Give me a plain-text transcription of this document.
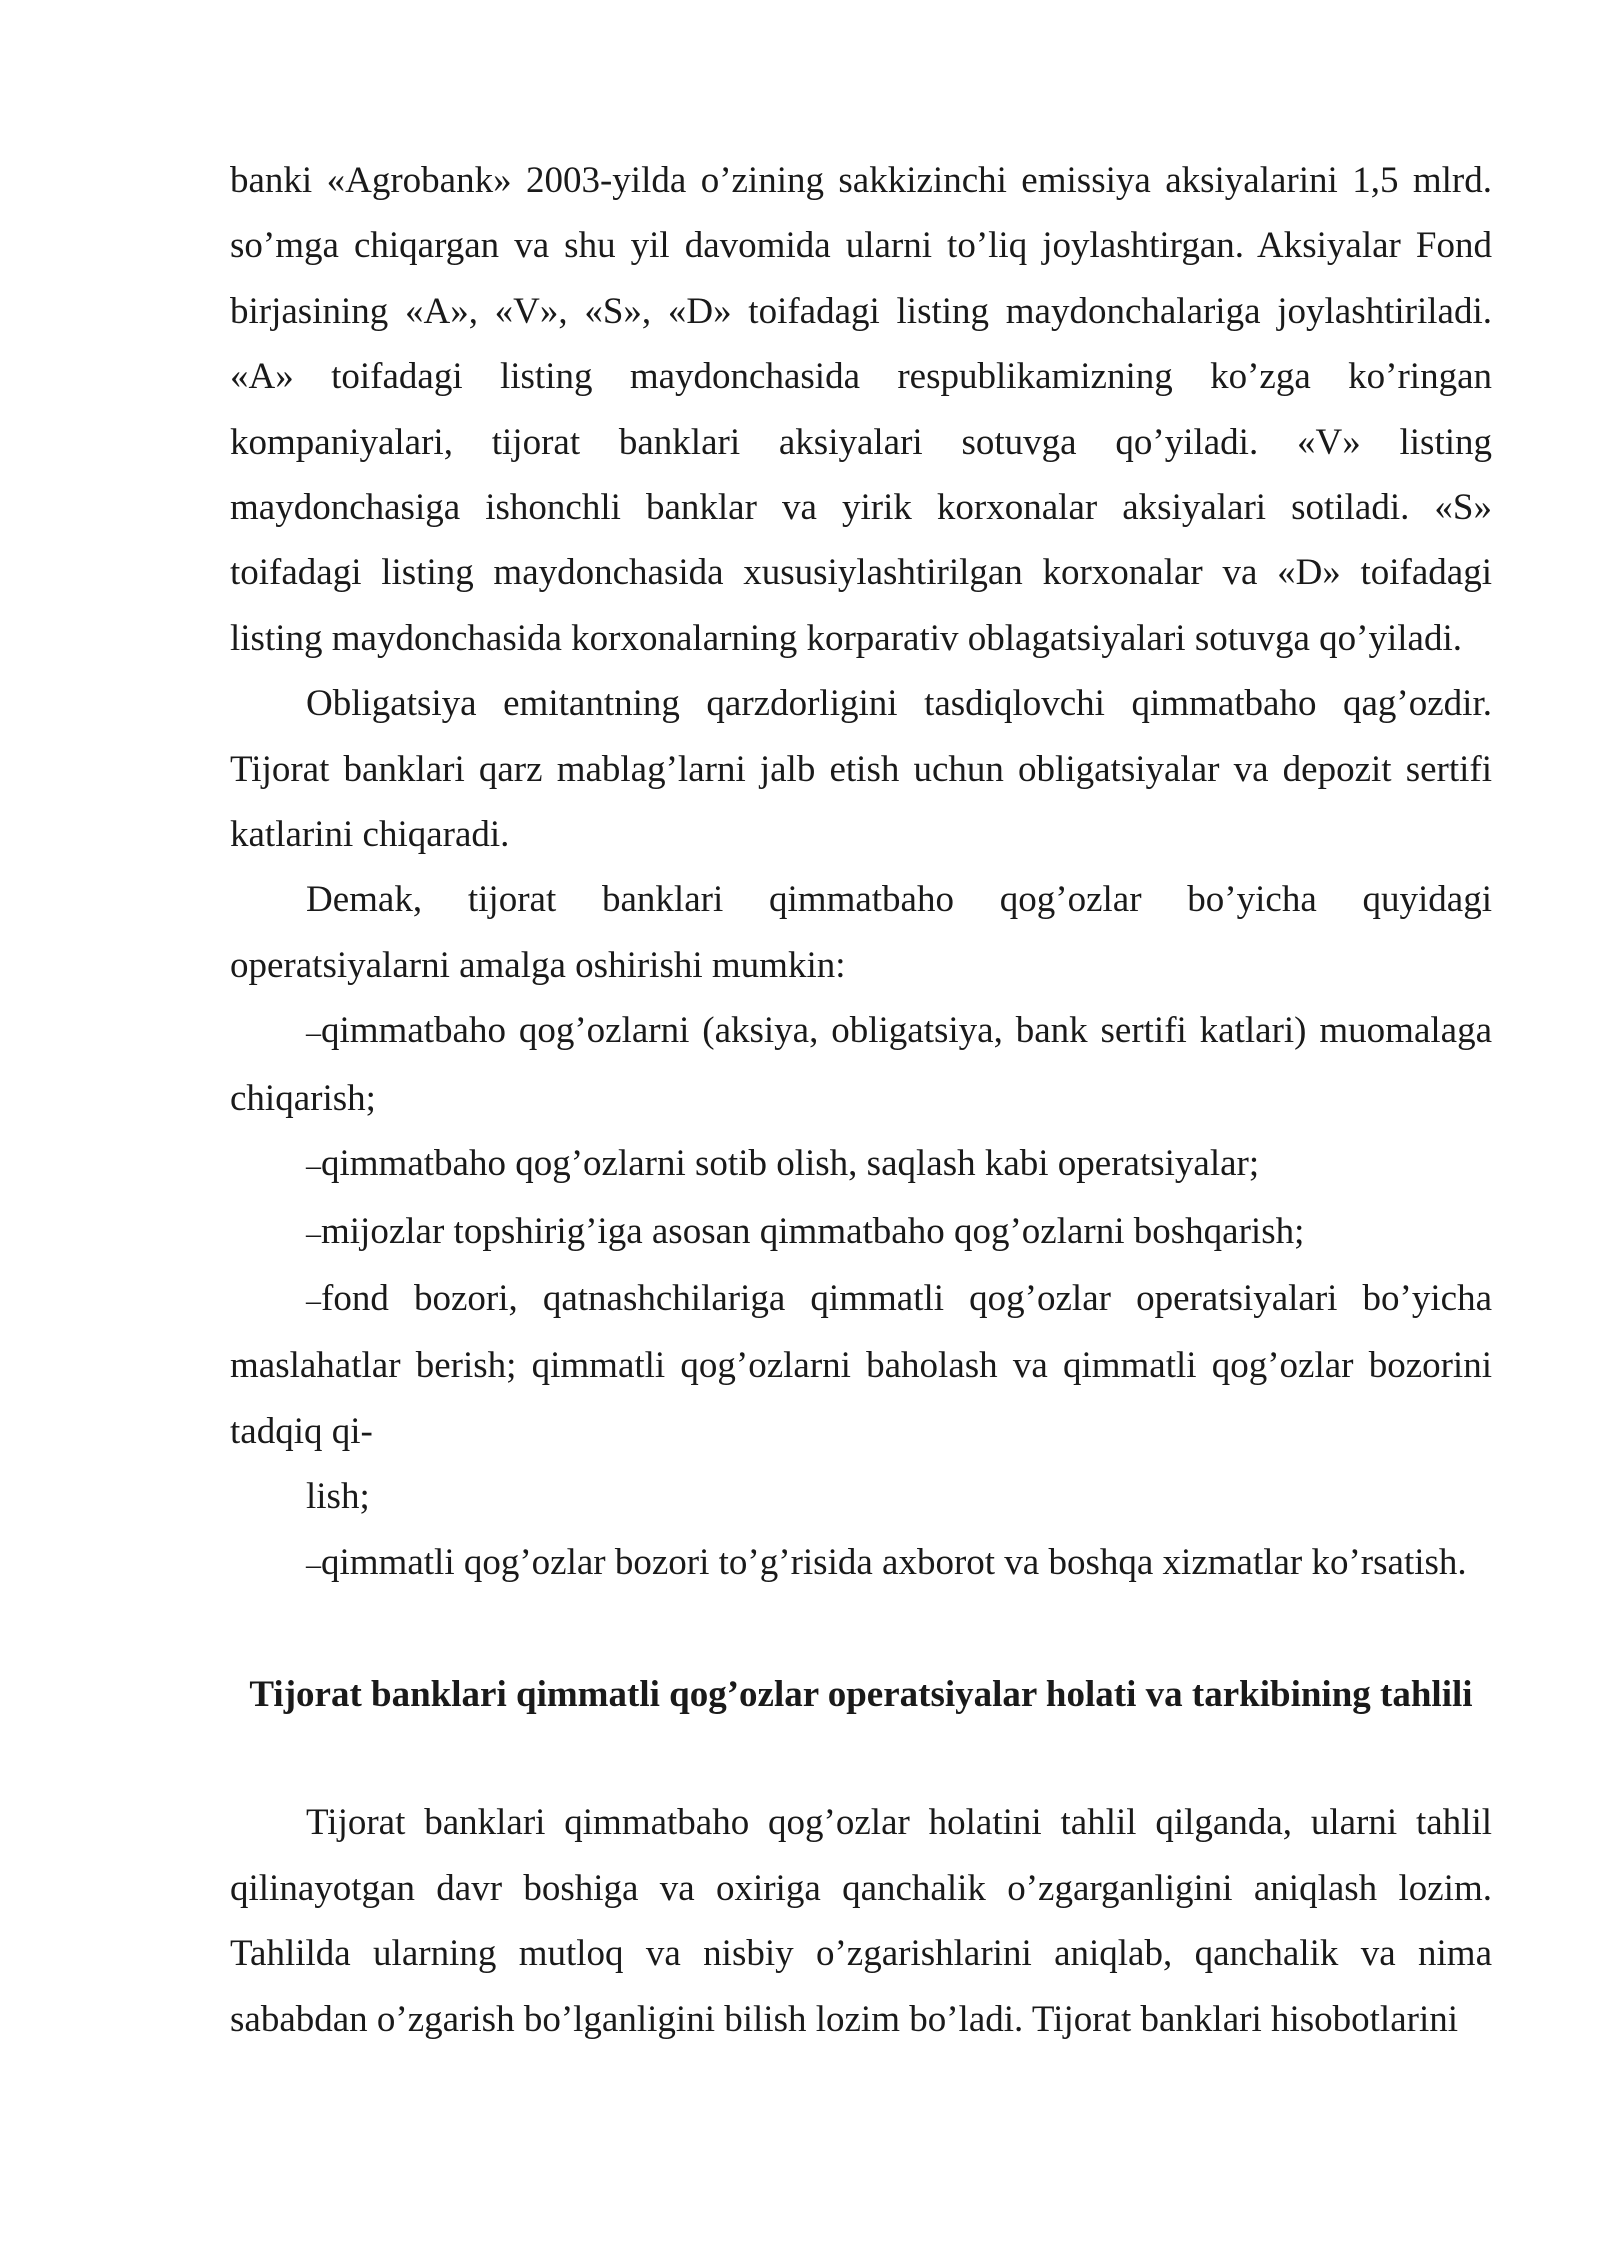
banki «Agrobank» 2003-yilda o’zining sakkizinchi emissiya aksiyalarini 1,5 mlrd. so’mga chiqargan va shu yil davomida ularni to’liq joylashtirgan. Aksiyalar Fond birjasining «A», «V», «S», «D» toifadagi listing maydonchalariga joylashtiriladi. «A» toifadagi listing maydonchasida respublikamizning ko’zga ko’ringan kompaniyalari, tijorat banklari aksiyalari sotuvga qo’yiladi. «V» listing maydonchasiga ishonchli banklar va yirik korxonalar aksiyalari sotiladi. «S» toifadagi listing maydonchasida xususiylashtirilgan korxonalar va «D» toifadagi listing maydonchasida korxonalarning korparativ oblagatsiyalari sotuvga qo’yiladi.

Obligatsiya emitantning qarzdorligini tasdiqlovchi qimmatbaho qag’ozdir. Tijorat banklari qarz mablag’larni jalb etish uchun obligatsiyalar va depozit sertifi katlarini chiqaradi.

Demak, tijorat banklari qimmatbaho qog’ozlar bo’yicha quyidagi operatsiyalarni amalga oshirishi mumkin:

–qimmatbaho qog’ozlarni (aksiya, obligatsiya, bank sertifi katlari) muomalaga chiqarish;

–qimmatbaho qog’ozlarni sotib olish, saqlash kabi operatsiyalar;

–mijozlar topshirig’iga asosan qimmatbaho qog’ozlarni boshqarish;

–fond bozori, qatnashchilariga qimmatli qog’ozlar operatsiyalari bo’yicha maslahatlar berish; qimmatli qog’ozlarni baholash va qimmatli qog’ozlar bozorini tadqiq qi-

lish;

–qimmatli qog’ozlar bozori to’g’risida axborot va boshqa xizmatlar ko’rsatish.

Tijorat banklari qimmatli qog’ozlar operatsiyalar holati va tarkibining tahlili

Tijorat banklari qimmatbaho qog’ozlar holatini tahlil qilganda, ularni tahlil qilinayotgan davr boshiga va oxiriga qanchalik o’zgarganligini aniqlash lozim. Tahlilda ularning mutloq va nisbiy o’zgarishlarini aniqlab, qanchalik va nima sababdan o’zgarish bo’lganligini bilish lozim bo’ladi. Tijorat banklari hisobotlarini
